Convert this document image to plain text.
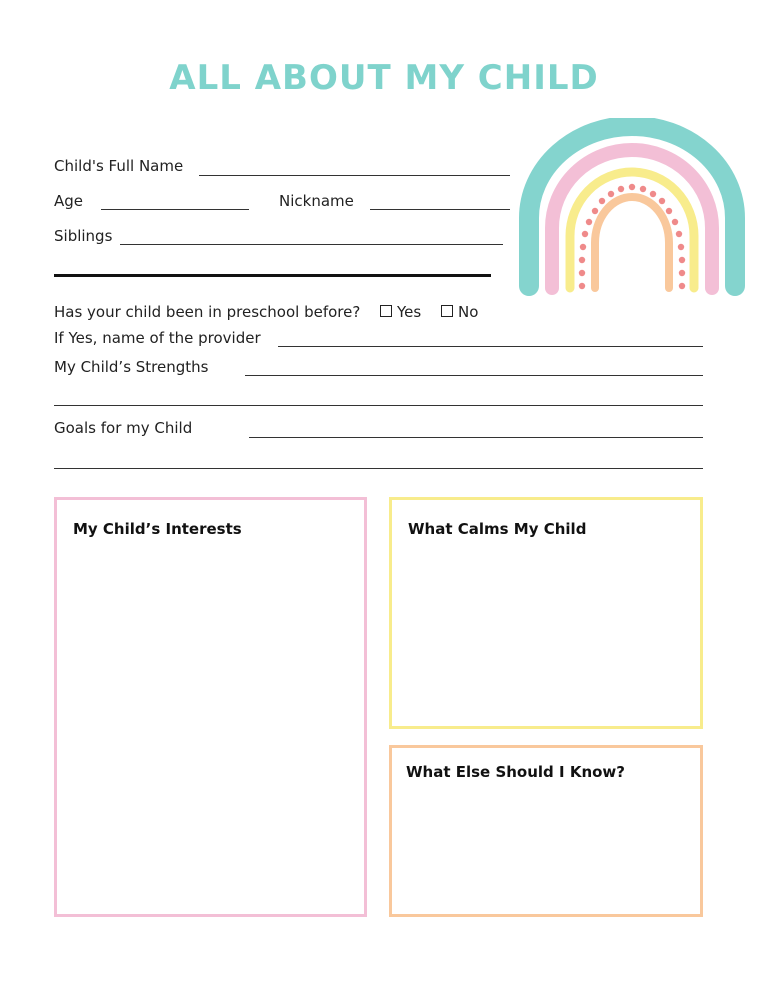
ALL ABOUT MY CHILD
Child's Full Name
Age	Nickname
Siblings
Has your child been in preschool before? Yes No
If Yes, name of the provider
My Child’s Strengths
Goals for my Child
My Child’s Interests	What Calms My Child
What Else Should I Know?
